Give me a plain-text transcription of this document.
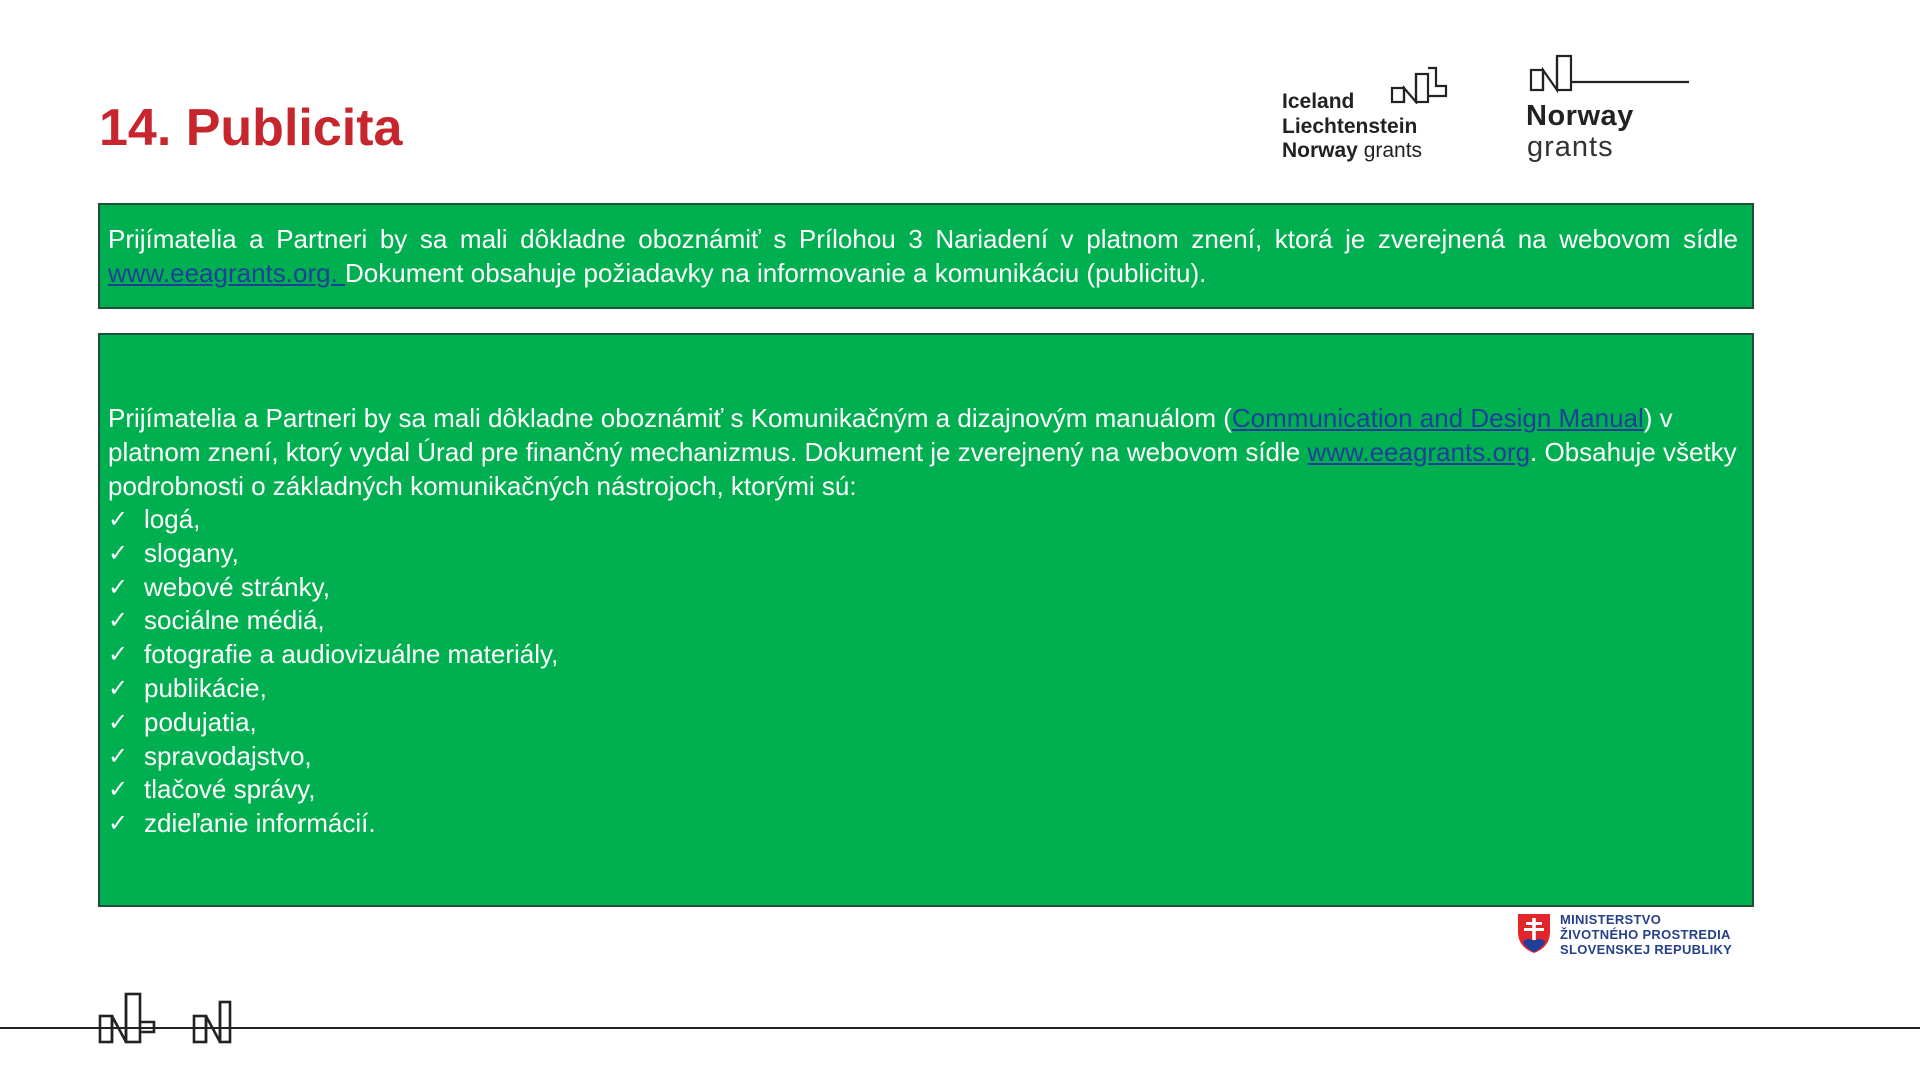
14. Publicita	Iceland
Liechtenstein
Norway grants
Norway
grants
Prijímatelia a Partneri by sa mali dôkladne oboznámiť s Prílohou 3 Nariadení v platnom znení, ktorá je zverejnená na webovom sídle www.eeagrants.org. Dokument obsahuje požiadavky na informovanie a komunikáciu (publicitu).
Prijímatelia a Partneri by sa mali dôkladne oboznámiť s Komunikačným a dizajnovým manuálom (Communication and Design Manual) v platnom znení, ktorý vydal Úrad pre finančný mechanizmus. Dokument je zverejnený na webovom sídle www.eeagrants.org. Obsahuje všetky podrobnosti o základných komunikačných nástrojoch, ktorými sú:
✓ logá,
✓ slogany,
✓ webové stránky,
✓ sociálne médiá,
✓ fotografie a audiovizuálne materiály,
✓ publikácie,
✓ podujatia,
✓ spravodajstvo,
✓ tlačové správy,
✓ zdieľanie informácií.
MINISTERSTVO
ŽIVOTNÉHO PROSTREDIA
SLOVENSKEJ REPUBLIKY
